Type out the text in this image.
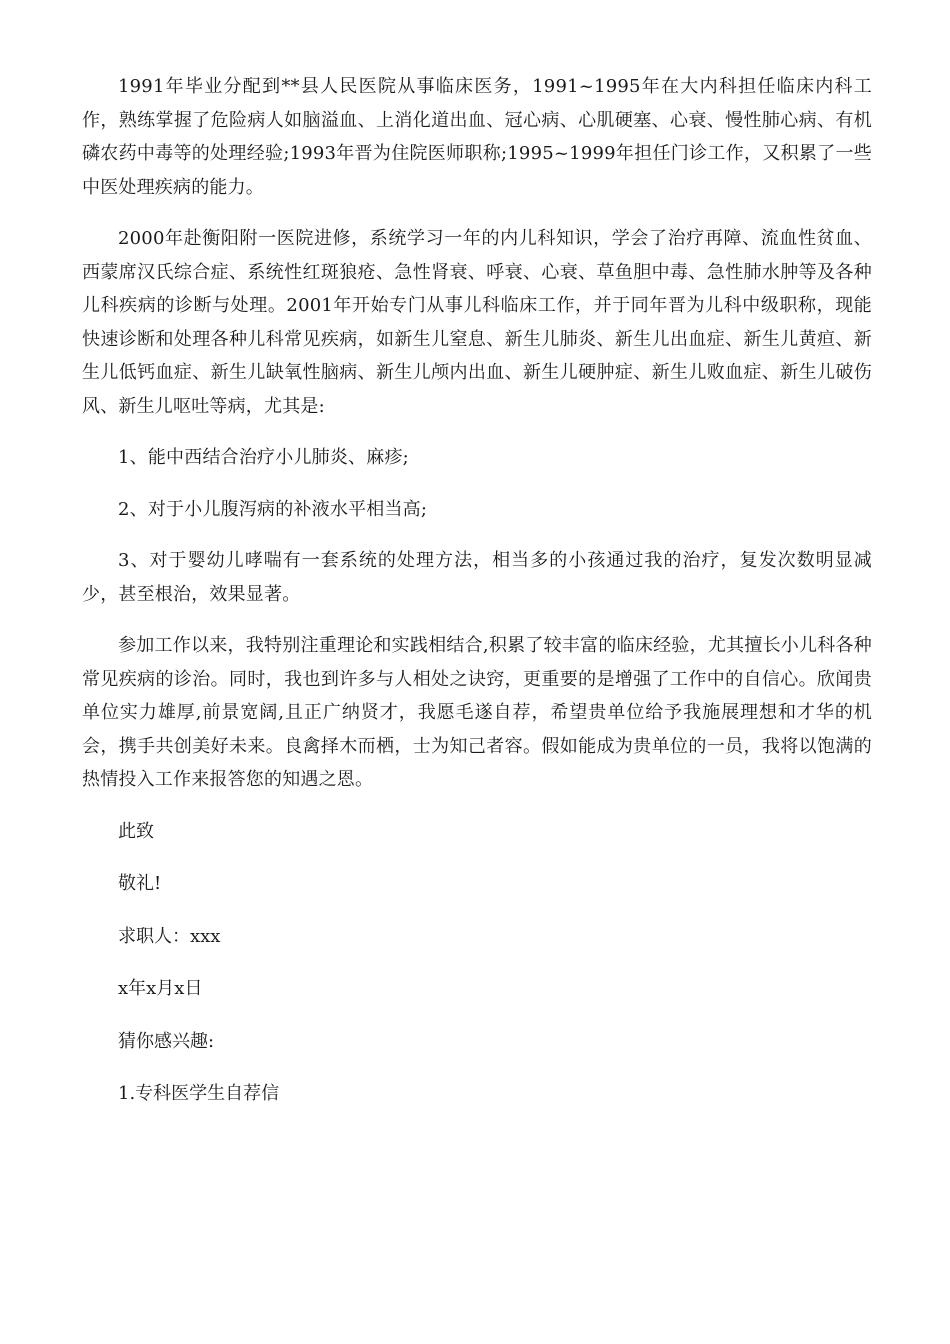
1991年毕业分配到**县人民医院从事临床医务，1991~1995年在大内科担任临床内科工作，熟练掌握了危险病人如脑溢血、上消化道出血、冠心病、心肌硬塞、心衰、慢性肺心病、有机磷农药中毒等的处理经验;1993年晋为住院医师职称;1995~1999年担任门诊工作，又积累了一些中医处理疾病的能力。

2000年赴衡阳附一医院进修，系统学习一年的内儿科知识，学会了治疗再障、流血性贫血、西蒙席汉氏综合症、系统性红斑狼疮、急性肾衰、呼衰、心衰、草鱼胆中毒、急性肺水肿等及各种儿科疾病的诊断与处理。2001年开始专门从事儿科临床工作，并于同年晋为儿科中级职称，现能快速诊断和处理各种儿科常见疾病，如新生儿窒息、新生儿肺炎、新生儿出血症、新生儿黄疸、新生儿低钙血症、新生儿缺氧性脑病、新生儿颅内出血、新生儿硬肿症、新生儿败血症、新生儿破伤风、新生儿呕吐等病，尤其是:

1、能中西结合治疗小儿肺炎、麻疹;

2、对于小儿腹泻病的补液水平相当高;

3、对于婴幼儿哮喘有一套系统的处理方法，相当多的小孩通过我的治疗，复发次数明显减少，甚至根治，效果显著。

参加工作以来，我特别注重理论和实践相结合,积累了较丰富的临床经验，尤其擅长小儿科各种常见疾病的诊治。同时，我也到许多与人相处之诀窍，更重要的是增强了工作中的自信心。欣闻贵单位实力雄厚,前景宽阔,且正广纳贤才，我愿毛遂自荐，希望贵单位给予我施展理想和才华的机会，携手共创美好未来。良禽择木而栖，士为知己者容。假如能成为贵单位的一员，我将以饱满的热情投入工作来报答您的知遇之恩。

此致
敬礼!
求职人：xxx
x年x月x日
猜你感兴趣:
1.专科医学生自荐信
